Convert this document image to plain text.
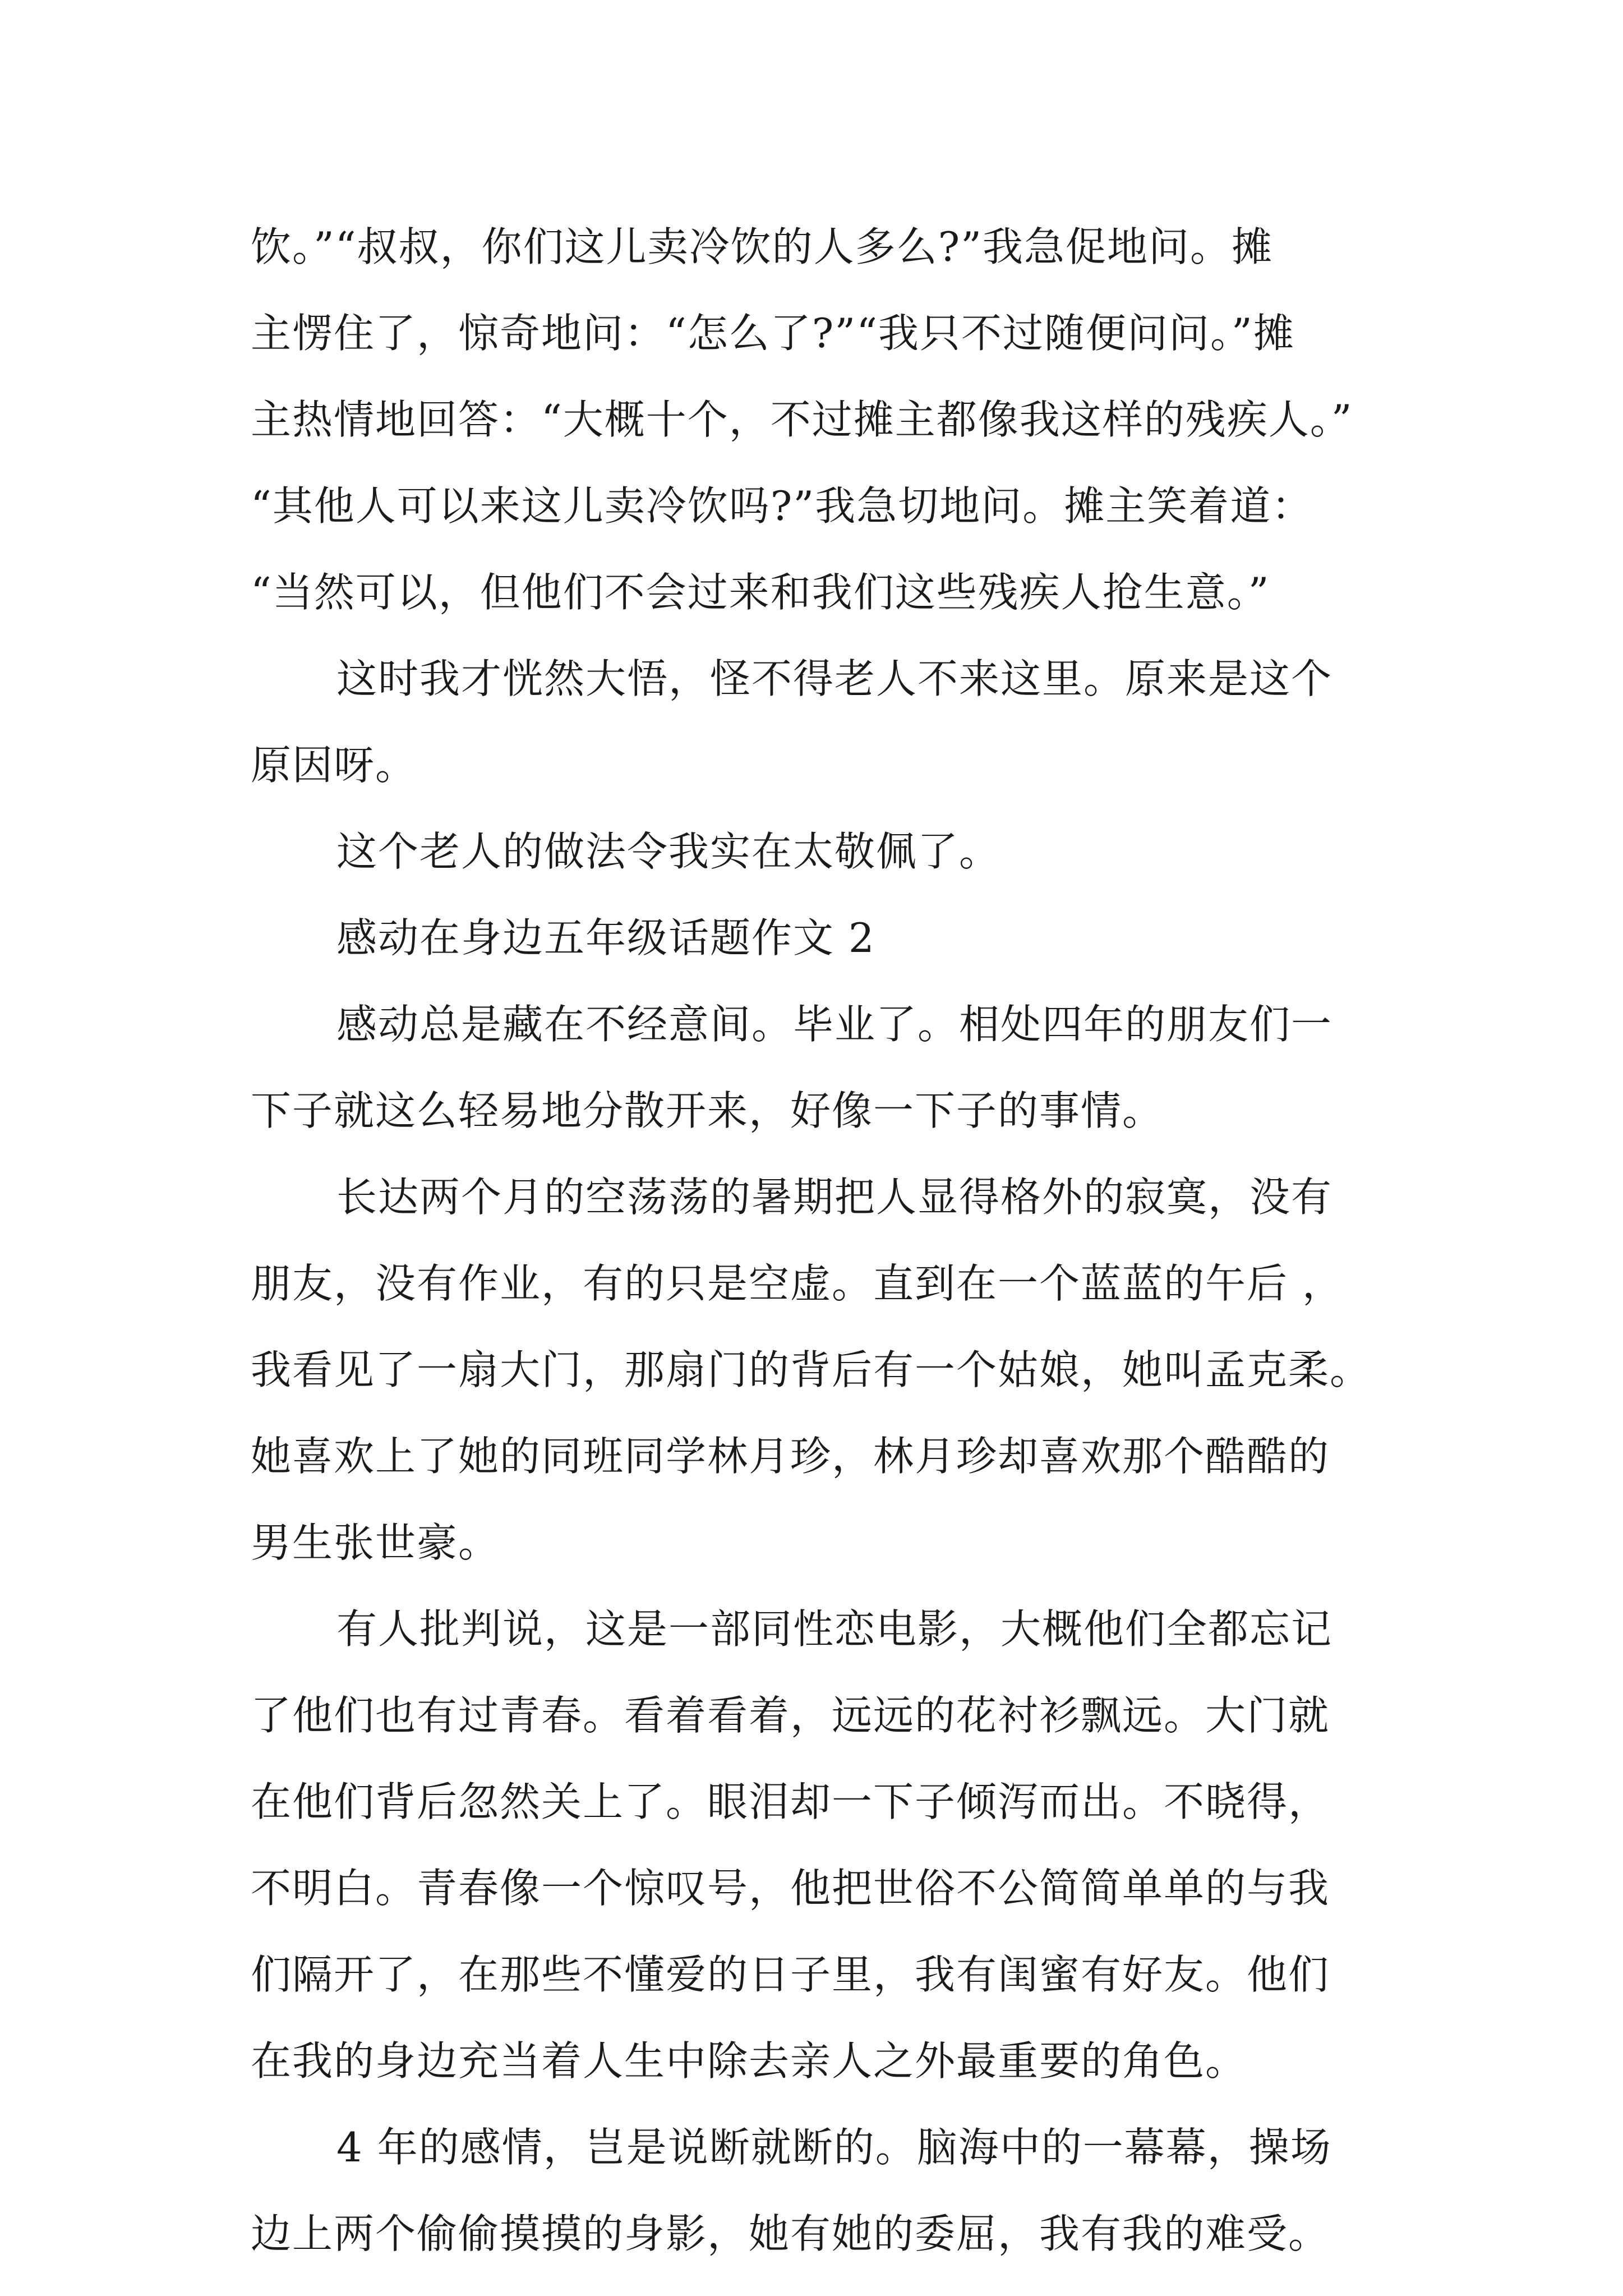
饮。”“叔叔，你们这儿卖冷饮的人多么?”我急促地问。摊
主愣住了，惊奇地问：“怎么了?”“我只不过随便问问。”摊
主热情地回答：“大概十个，不过摊主都像我这样的残疾人。”
“其他人可以来这儿卖冷饮吗?”我急切地问。摊主笑着道：
“当然可以，但他们不会过来和我们这些残疾人抢生意。”
这时我才恍然大悟，怪不得老人不来这里。原来是这个
原因呀。
这个老人的做法令我实在太敬佩了。
感动在身边五年级话题作文 2
感动总是藏在不经意间。毕业了。相处四年的朋友们一
下子就这么轻易地分散开来，好像一下子的事情。
长达两个月的空荡荡的暑期把人显得格外的寂寞，没有
朋友，没有作业，有的只是空虚。直到在一个蓝蓝的午后 ，
我看见了一扇大门，那扇门的背后有一个姑娘，她叫孟克柔。
她喜欢上了她的同班同学林月珍，林月珍却喜欢那个酷酷的
男生张世豪。
有人批判说，这是一部同性恋电影，大概他们全都忘记
了他们也有过青春。看着看着，远远的花衬衫飘远。大门就
在他们背后忽然关上了。眼泪却一下子倾泻而出。不晓得，
不明白。青春像一个惊叹号，他把世俗不公简简单单的与我
们隔开了，在那些不懂爱的日子里，我有闺蜜有好友。他们
在我的身边充当着人生中除去亲人之外最重要的角色。
4 年的感情，岂是说断就断的。脑海中的一幕幕，操场
边上两个偷偷摸摸的身影，她有她的委屈，我有我的难受。
